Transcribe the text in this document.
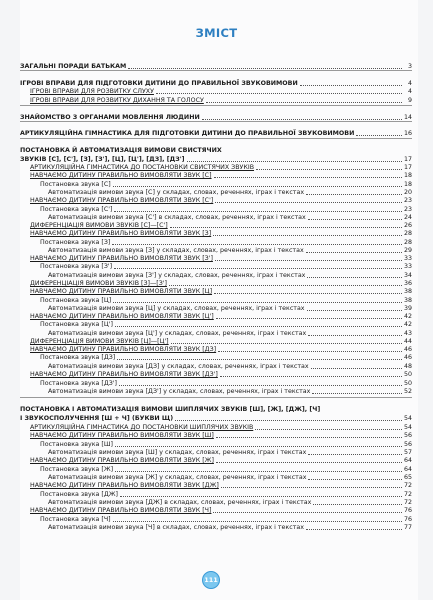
ЗМІСТ
ЗАГАЛЬНІ ПОРАДИ БАТЬКАМ	3
ІГРОВІ ВПРАВИ ДЛЯ ПІДГОТОВКИ ДИТИНИ ДО ПРАВИЛЬНОЇ ЗВУКОВИМОВИ	4
ІГРОВІ ВПРАВИ ДЛЯ РОЗВИТКУ СЛУХУ	4
ІГРОВІ ВПРАВИ ДЛЯ РОЗВИТКУ ДИХАННЯ ТА ГОЛОСУ	9
ЗНАЙОМСТВО З ОРГАНАМИ МОВЛЕННЯ ЛЮДИНИ	14
АРТИКУЛЯЦІЙНА ГІМНАСТИКА ДЛЯ ПІДГОТОВКИ ДИТИНИ ДО ПРАВИЛЬНОЇ ЗВУКОВИМОВИ	16
ПОСТАНОВКА Й АВТОМАТИЗАЦІЯ ВИМОВИ СВИСТЯЧИХ
ЗВУКІВ [С], [С'], [З], [З'], [Ц], [Ц'], [ДЗ], [ДЗ']	17
АРТИКУЛЯЦІЙНА ГІМНАСТИКА ДО ПОСТАНОВКИ СВИСТЯЧИХ ЗВУКІВ	17
НАВЧАЄМО ДИТИНУ ПРАВИЛЬНО ВИМОВЛЯТИ ЗВУК [С]	18
Постановка звука [С]	18
Автоматизація вимови звука [С] у складах, словах, реченнях, іграх і текстах	20
НАВЧАЄМО ДИТИНУ ПРАВИЛЬНО ВИМОВЛЯТИ ЗВУК [С']	23
Постановка звука [С']	23
Автоматизація вимови звука [С'] в складах, словах, реченнях, іграх і текстах	24
ДИФЕРЕНЦІАЦІЯ ВИМОВИ ЗВУКІВ [С]—[С']	26
НАВЧАЄМО ДИТИНУ ПРАВИЛЬНО ВИМОВЛЯТИ ЗВУК [З]	28
Постановка звука [З]	28
Автоматизація вимови звука [З] у складах, словах, реченнях, іграх і текстах	29
НАВЧАЄМО ДИТИНУ ПРАВИЛЬНО ВИМОВЛЯТИ ЗВУК [З']	33
Постановка звука [З']	33
Автоматизація вимови звука [З'] у складах, словах, реченнях, іграх і текстах	34
ДИФЕРЕНЦІАЦІЯ ВИМОВИ ЗВУКІВ [З]—[З']	36
НАВЧАЄМО ДИТИНУ ПРАВИЛЬНО ВИМОВЛЯТИ ЗВУК [Ц]	38
Постановка звука [Ц]	38
Автоматизація вимови звука [Ц] у складах, словах, реченнях, іграх і текстах	39
НАВЧАЄМО ДИТИНУ ПРАВИЛЬНО ВИМОВЛЯТИ ЗВУК [Ц']	42
Постановка звука [Ц']	42
Автоматизація вимови звука [Ц'] у складах, словах, реченнях, іграх і текстах	43
ДИФЕРЕНЦІАЦІЯ ВИМОВИ ЗВУКІВ [Ц]—[Ц']	44
НАВЧАЄМО ДИТИНУ ПРАВИЛЬНО ВИМОВЛЯТИ ЗВУК [ДЗ]	46
Постановка звука [ДЗ]	46
Автоматизація вимови звука [ДЗ] у складах, словах, реченнях, іграх і текстах	48
НАВЧАЄМО ДИТИНУ ПРАВИЛЬНО ВИМОВЛЯТИ ЗВУК [ДЗ']	50
Постановка звука [ДЗ']	50
Автоматизація вимови звука [ДЗ'] у складах, словах, реченнях, іграх і текстах	52
ПОСТАНОВКА І АВТОМАТИЗАЦІЯ ВИМОВИ ШИПЛЯЧИХ ЗВУКІВ [Ш], [Ж], [ДЖ], [Ч]
І ЗВУКОСПОЛУЧЕННЯ [Ш + Ч] (БУКВИ Щ)	54
АРТИКУЛЯЦІЙНА ГІМНАСТИКА ДО ПОСТАНОВКИ ШИПЛЯЧИХ ЗВУКІВ	54
НАВЧАЄМО ДИТИНУ ПРАВИЛЬНО ВИМОВЛЯТИ ЗВУК [Ш]	56
Постановка звука [Ш]	56
Автоматизація вимови звука [Ш] у складах, словах, реченнях, іграх і текстах	57
НАВЧАЄМО ДИТИНУ ПРАВИЛЬНО ВИМОВЛЯТИ ЗВУК [Ж]	64
Постановка звука [Ж]	64
Автоматизація вимови звука [Ж] у складах, словах, реченнях, іграх і текстах	65
НАВЧАЄМО ДИТИНУ ПРАВИЛЬНО ВИМОВЛЯТИ ЗВУК [ДЖ]	72
Постановка звука [ДЖ]	72
Автоматизація вимови звука [ДЖ] в складах, словах, реченнях, іграх і текстах	72
НАВЧАЄМО ДИТИНУ ПРАВИЛЬНО ВИМОВЛЯТИ ЗВУК [Ч]	76
Постановка звука [Ч]	76
Автоматизація вимови звука [Ч] в складах, словах, реченнях, іграх і текстах	77
111
